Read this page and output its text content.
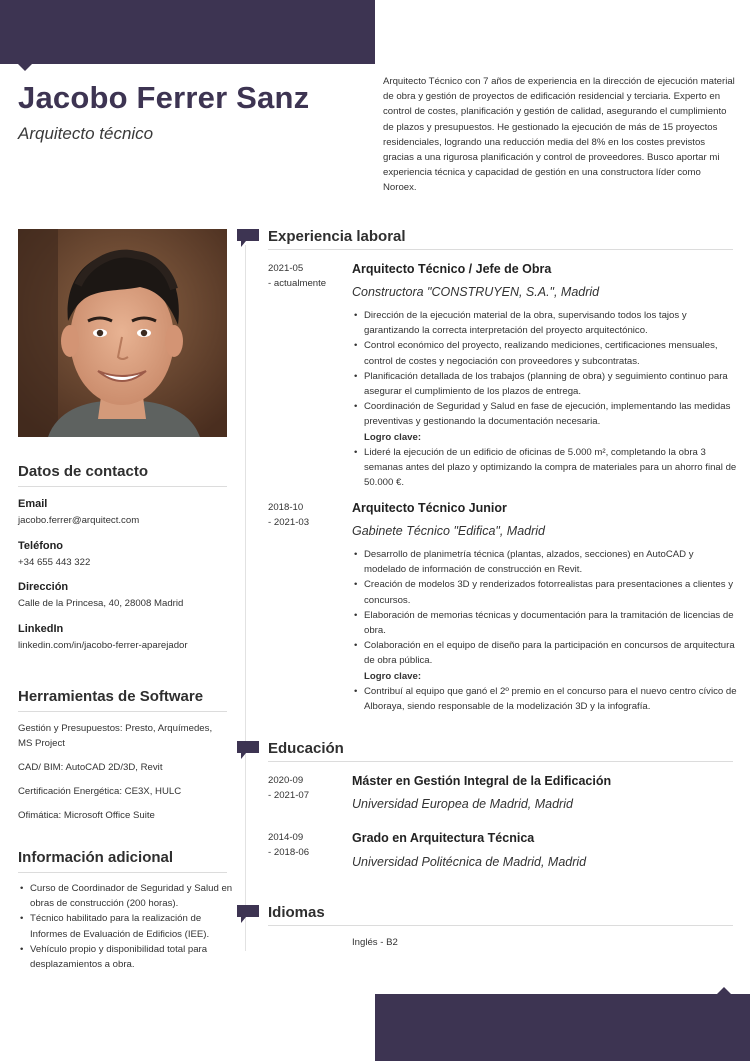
Jacobo Ferrer Sanz
Arquitecto técnico
Arquitecto Técnico con 7 años de experiencia en la dirección de ejecución material de obra y gestión de proyectos de edificación residencial y terciaria. Experto en control de costes, planificación y gestión de calidad, asegurando el cumplimiento de plazos y presupuestos. He gestionado la ejecución de más de 15 proyectos residenciales, logrando una reducción media del 8% en los costes previstos gracias a una rigurosa planificación y control de proveedores. Busco aportar mi experiencia técnica y capacidad de gestión en una constructora líder como Noroex.
Datos de contacto
Email
jacobo.ferrer@arquitect.com
Teléfono
+34 655 443 322
Dirección
Calle de la Princesa, 40, 28008 Madrid
LinkedIn
linkedin.com/in/jacobo-ferrer-aparejador
Herramientas de Software
Gestión y Presupuestos: Presto, Arquímedes, MS Project
CAD/ BIM: AutoCAD 2D/3D, Revit
Certificación Energética: CE3X, HULC
Ofimática: Microsoft Office Suite
Información adicional
• Curso de Coordinador de Seguridad y Salud en obras de construcción (200 horas).
• Técnico habilitado para la realización de Informes de Evaluación de Edificios (IEE).
• Vehículo propio y disponibilidad total para desplazamientos a obra.
Experiencia laboral
2021-05
- actualmente
Arquitecto Técnico / Jefe de Obra
Constructora "CONSTRUYEN, S.A.", Madrid
• Dirección de la ejecución material de la obra, supervisando todos los tajos y garantizando la correcta interpretación del proyecto arquitectónico.
• Control económico del proyecto, realizando mediciones, certificaciones mensuales, control de costes y negociación con proveedores y subcontratas.
• Planificación detallada de los trabajos (planning de obra) y seguimiento continuo para asegurar el cumplimiento de los plazos de entrega.
• Coordinación de Seguridad y Salud en fase de ejecución, implementando las medidas preventivas y gestionando la documentación necesaria.
Logro clave:
• Lideré la ejecución de un edificio de oficinas de 5.000 m², completando la obra 3 semanas antes del plazo y optimizando la compra de materiales para un ahorro final de 50.000 €.
2018-10
- 2021-03
Arquitecto Técnico Junior
Gabinete Técnico "Edifica", Madrid
• Desarrollo de planimetría técnica (plantas, alzados, secciones) en AutoCAD y modelado de información de construcción en Revit.
• Creación de modelos 3D y renderizados fotorrealistas para presentaciones a clientes y concursos.
• Elaboración de memorias técnicas y documentación para la tramitación de licencias de obra.
• Colaboración en el equipo de diseño para la participación en concursos de arquitectura de obra pública.
Logro clave:
• Contribuí al equipo que ganó el 2º premio en el concurso para el nuevo centro cívico de Alboraya, siendo responsable de la modelización 3D y la infografía.
Educación
2020-09
- 2021-07
Máster en Gestión Integral de la Edificación
Universidad Europea de Madrid, Madrid
2014-09
- 2018-06
Grado en Arquitectura Técnica
Universidad Politécnica de Madrid, Madrid
Idiomas
Inglés - B2
